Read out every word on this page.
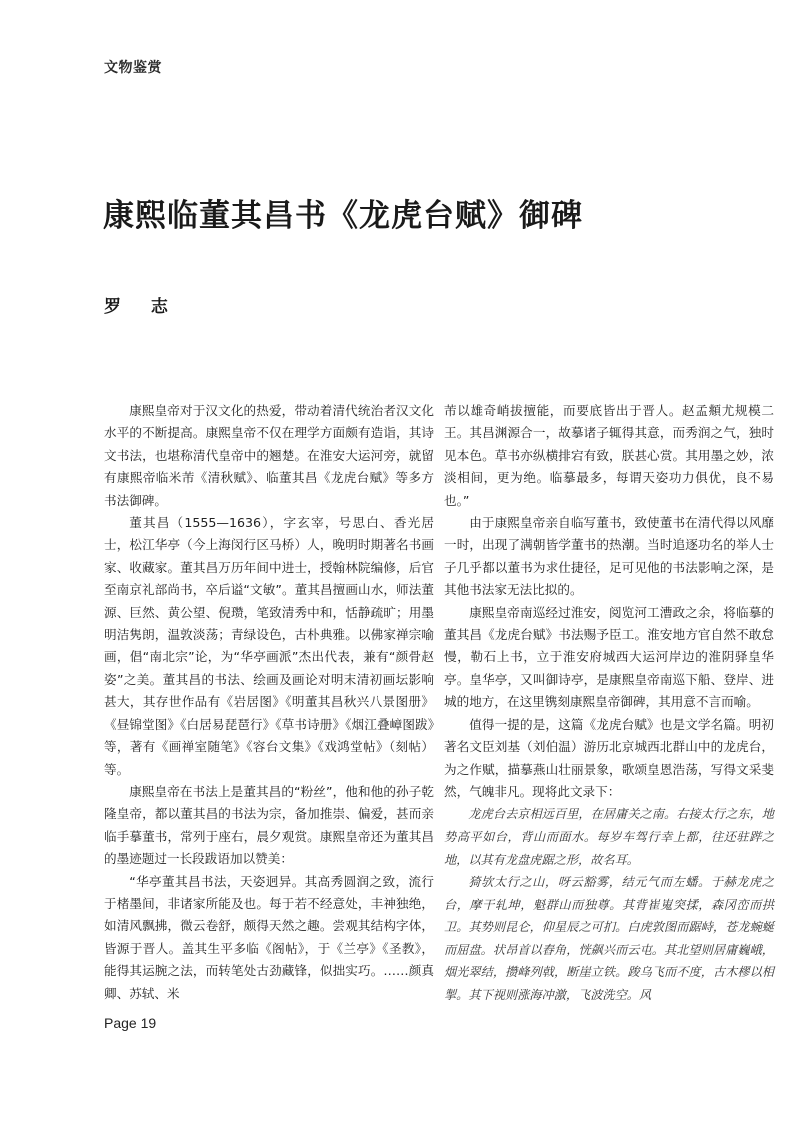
文物鉴赏
康熙临董其昌书《龙虎台赋》御碑
罗 志

康熙皇帝对于汉文化的热爱，带动着清代统治者汉文化水平的不断提高。康熙皇帝不仅在理学方面颇有造诣，其诗文书法，也堪称清代皇帝中的翘楚。在淮安大运河旁，就留有康熙帝临米芾《清秋赋》、临董其昌《龙虎台赋》等多方书法御碑。

董其昌（1555—1636），字玄宰，号思白、香光居士，松江华亭（今上海闵行区马桥）人，晚明时期著名书画家、收藏家。董其昌万历年间中进士，授翰林院编修，后官至南京礼部尚书，卒后谥“文敏”。董其昌擅画山水，师法董源、巨然、黄公望、倪瓒，笔致清秀中和，恬静疏旷；用墨明洁隽朗，温敦淡荡；青绿设色，古朴典雅。以佛家禅宗喻画，倡“南北宗”论，为“华亭画派”杰出代表，兼有“颜骨赵姿”之美。董其昌的书法、绘画及画论对明末清初画坛影响甚大，其存世作品有《岩居图》《明董其昌秋兴八景图册》《昼锦堂图》《白居易琵琶行》《草书诗册》《烟江叠嶂图跋》等，著有《画禅室随笔》《容台文集》《戏鸿堂帖》（刻帖）等。

康熙皇帝在书法上是董其昌的“粉丝”，他和他的孙子乾隆皇帝，都以董其昌的书法为宗，备加推崇、偏爱，甚而亲临手摹董书，常列于座右，晨夕观赏。康熙皇帝还为董其昌的墨迹题过一长段跋语加以赞美：

“华亭董其昌书法，天姿迥异。其高秀圆润之致，流行于楮墨间，非诸家所能及也。每于若不经意处，丰神独绝，如清风飘拂，微云卷舒，颇得天然之趣。尝观其结构字体，皆源于晋人。盖其生平多临《阁帖》，于《兰亭》《圣教》，能得其运腕之法，而转笔处古劲藏锋，似拙实巧。……颜真卿、苏轼、米

芾以雄奇峭拔擅能，而要底皆出于晋人。赵孟頫尤规模二王。其昌渊源合一，故摹诸子辄得其意，而秀润之气，独时见本色。草书亦纵横排宕有致，朕甚心赏。其用墨之妙，浓淡相间，更为绝。临摹最多，每谓天姿功力俱优，良不易也。”

由于康熙皇帝亲自临写董书，致使董书在清代得以风靡一时，出现了满朝皆学董书的热潮。当时追逐功名的举人士子几乎都以董书为求仕捷径，足可见他的书法影响之深，是其他书法家无法比拟的。

康熙皇帝南巡经过淮安，阅览河工漕政之余，将临摹的董其昌《龙虎台赋》书法赐予臣工。淮安地方官自然不敢怠慢，勒石上书，立于淮安府城西大运河岸边的淮阴驿皇华亭。皇华亭，又叫御诗亭，是康熙皇帝南巡下船、登岸、进城的地方，在这里镌刻康熙皇帝御碑，其用意不言而喻。

值得一提的是，这篇《龙虎台赋》也是文学名篇。明初著名文臣刘基（刘伯温）游历北京城西北群山中的龙虎台，为之作赋，描摹燕山壮丽景象，歌颂皇恩浩荡，写得文采斐然，气魄非凡。现将此文录下：

龙虎台去京相远百里，在居庸关之南。右接太行之东，地势高平如台，背山而面水。每岁车驾行幸上都，往还驻跸之地，以其有龙盘虎踞之形，故名耳。

猗欤太行之山，呀云豁雾，结元气而左蟠。于赫龙虎之台，摩干轧坤，魁群山而独尊。其背崔嵬突揉，森冈峦而拱卫。其势则昆仑，仰星辰之可扪。白虎敦图而踞峙，苍龙蜿蜒而屈盘。状昂首以舂角，恍飙兴而云屯。其北望则居庸巍峨，烟光翠结，攒峰列戟，断崖立铁。踆乌飞而不度，古木樛以相掣。其下视则涨海冲激，飞波洗空。风

Page 19
